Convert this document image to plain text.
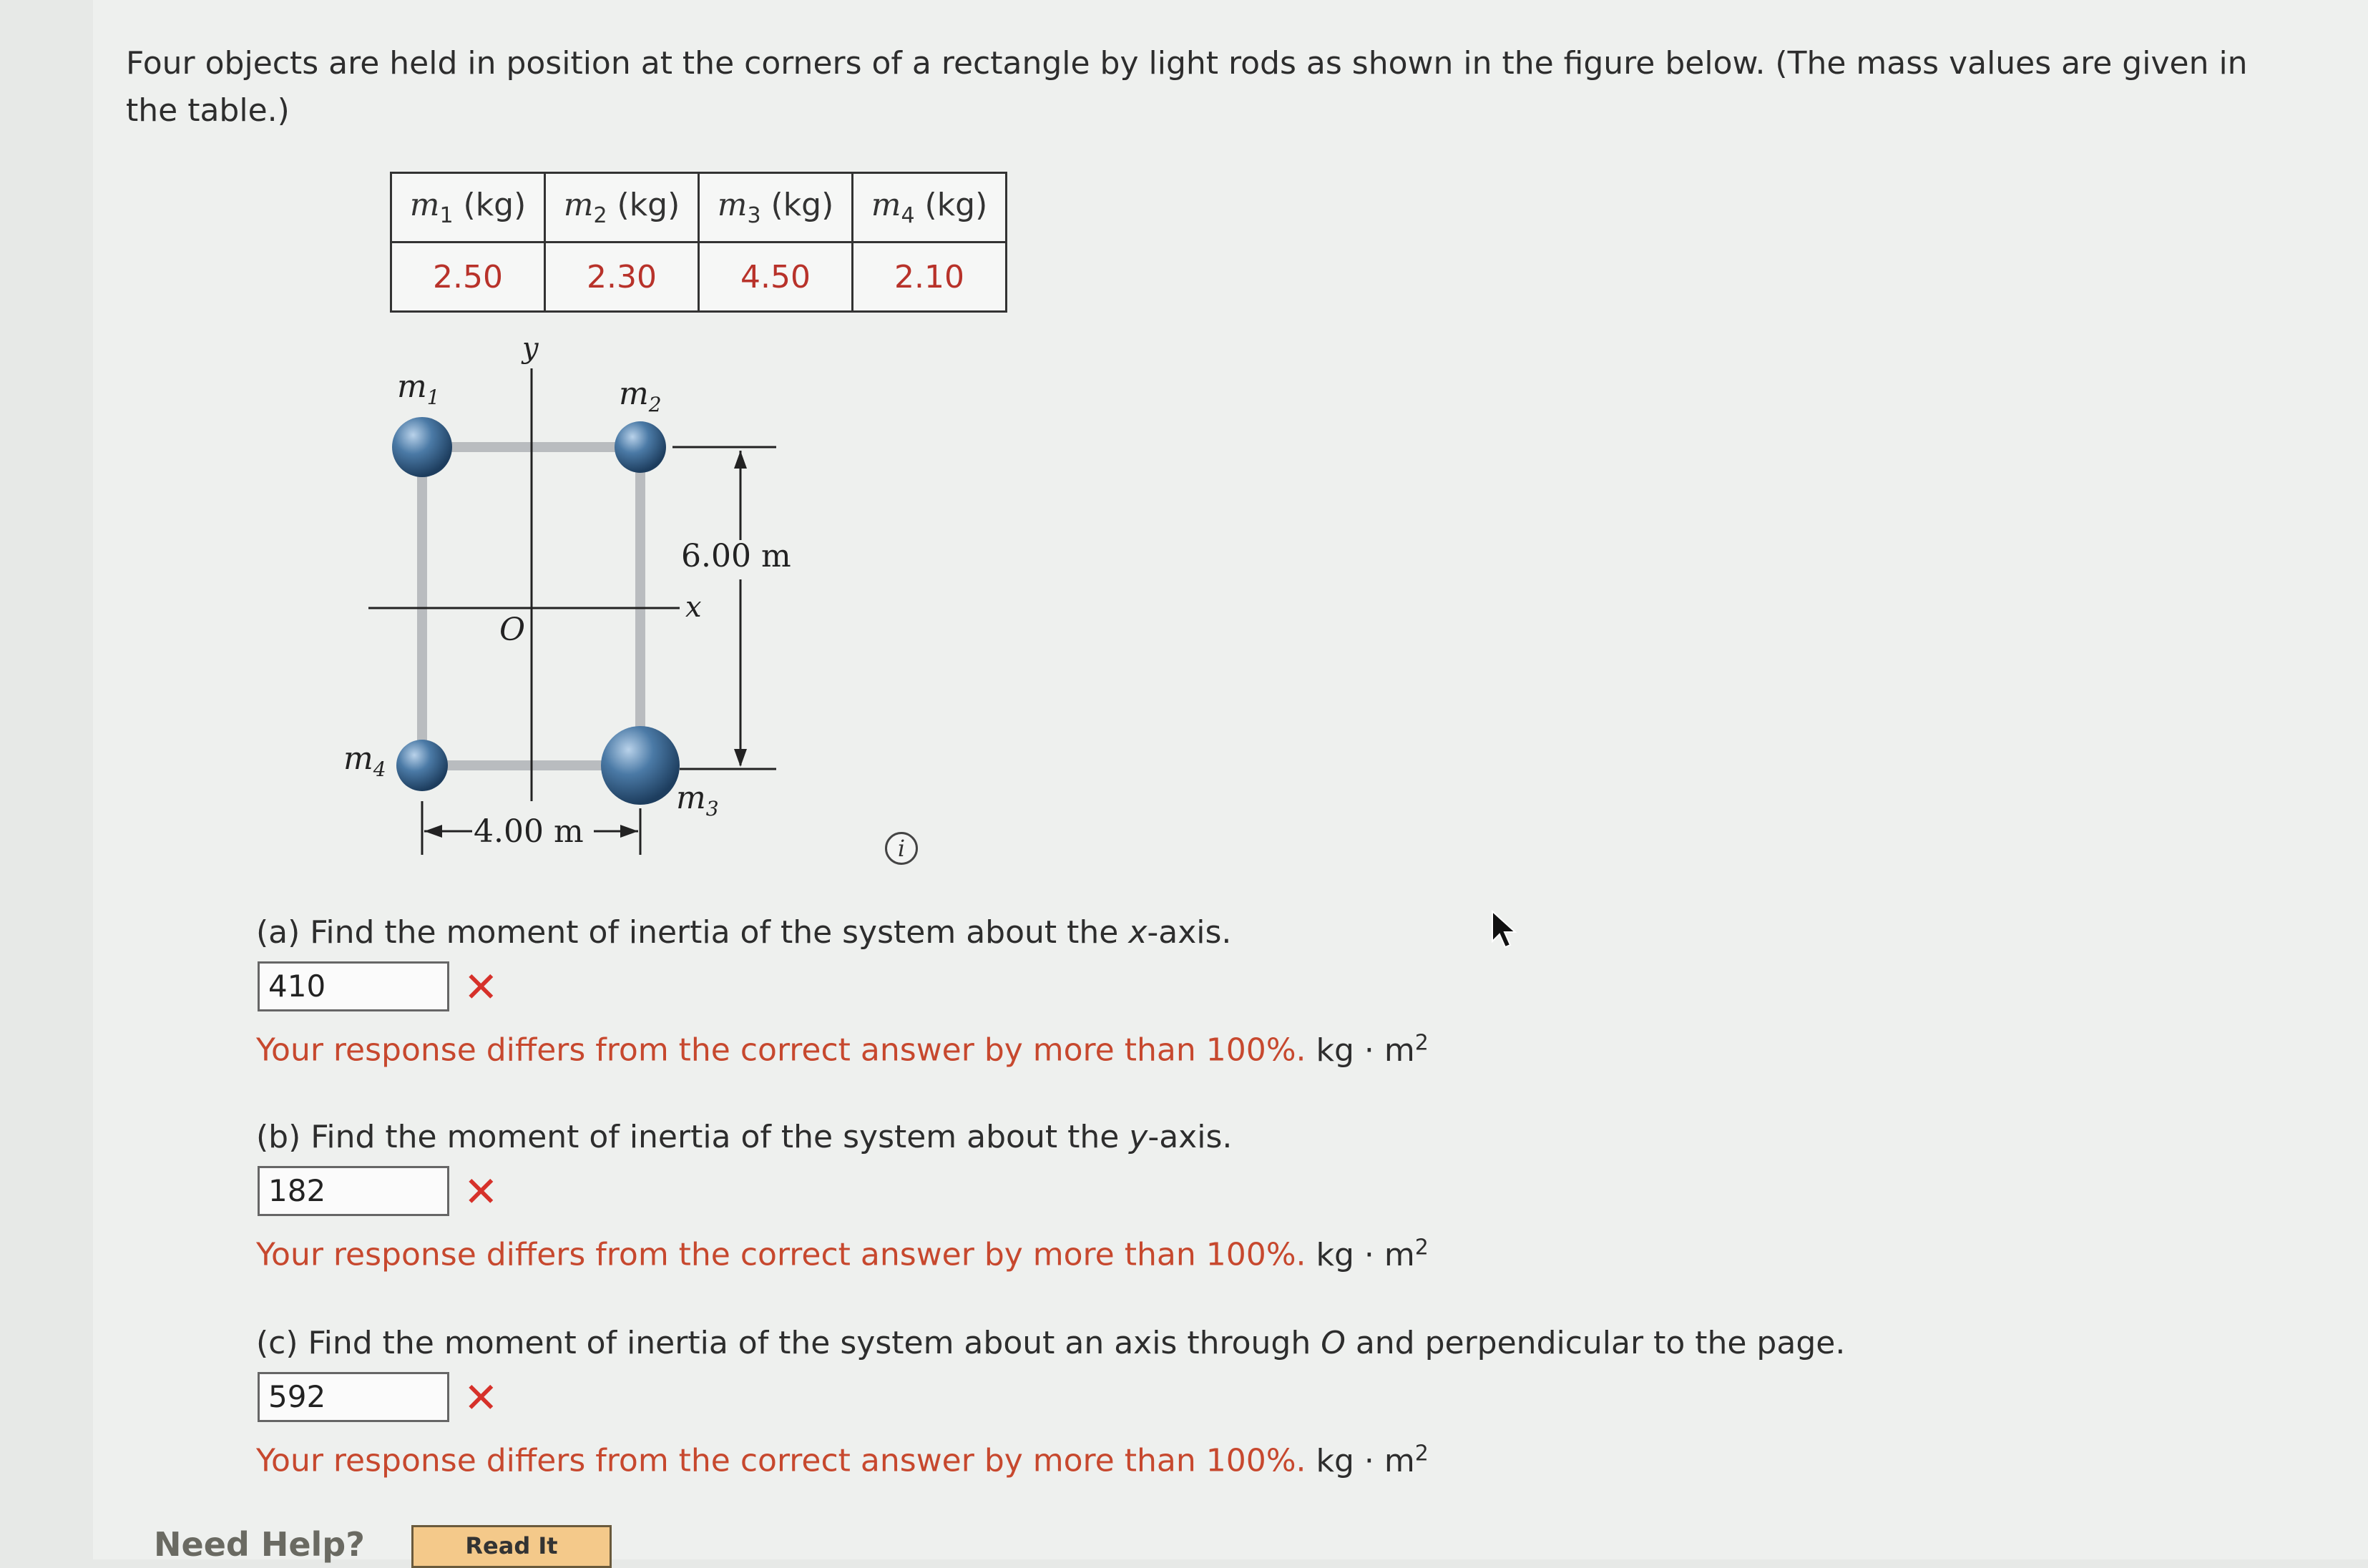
Four objects are held in position at the corners of a rectangle by light rods as shown in the figure below. (The mass values are given in the table.)
$m_1$ (kg)	$m_2$ (kg)	$m_3$ (kg)	$m_4$ (kg)
2.50	2.30	4.50	2.10
y
x
O
$m_1$	$m_2$
$m_3$
$m_4$
6.00 m
4.00 m	i
(a) Find the moment of inertia of the system about the x-axis.
410	✕
Your response differs from the correct answer by more than 100%. kg · $m^2$
(b) Find the moment of inertia of the system about the y-axis.
182	✕
Your response differs from the correct answer by more than 100%. kg · $m^2$
(c) Find the moment of inertia of the system about an axis through O and perpendicular to the page.
592	✕
Your response differs from the correct answer by more than 100%. kg · $m^2$
Need Help?	Read It
